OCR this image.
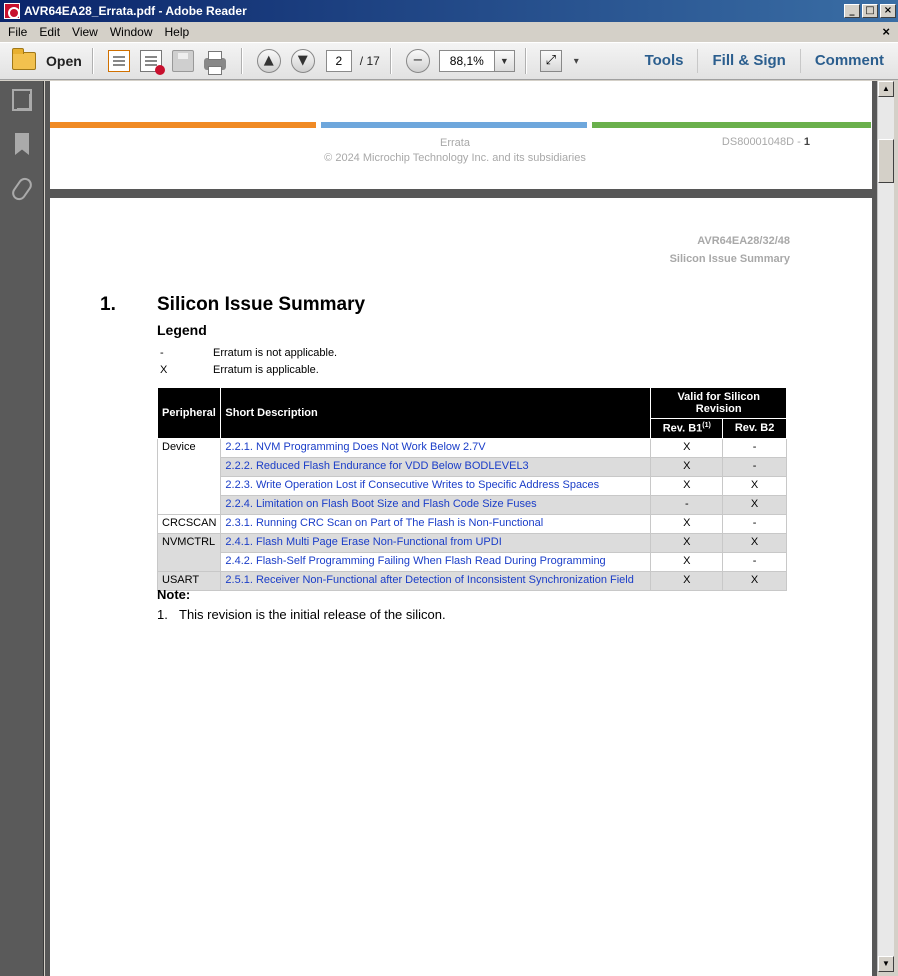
AVR64EA28_Errata.pdf - Adobe Reader	_	□ ×
File	Edit	View	Window	Help	×
Open	▲	▼	2	/ 17	−	88,1%	▼	⤢	▾	Tools	Fill & Sign	Comment
Errata
© 2024 Microchip Technology Inc. and its subsidiaries
DS80001048D - 1
AVR64EA28/32/48
Silicon Issue Summary
1. Silicon Issue Summary
Legend
-	Erratum is not applicable.
X	Erratum is applicable.
Peripheral	Short Description	Valid for Silicon Revision	
		Rev. B1$^{(1)}$	Rev. B2
Device	2.2.1. NVM Programming Does Not Work Below 2.7V	X	-
	2.2.2. Reduced Flash Endurance for VDD Below BODLEVEL3	X	-
	2.2.3. Write Operation Lost if Consecutive Writes to Specific Address Spaces	X	X
	2.2.4. Limitation on Flash Boot Size and Flash Code Size Fuses	-	X
CRCSCAN	2.3.1. Running CRC Scan on Part of The Flash is Non-Functional	X	-
NVMCTRL	2.4.1. Flash Multi Page Erase Non-Functional from UPDI	X	X
	2.4.2. Flash-Self Programming Failing When Flash Read During Programming	X	-
USART	2.5.1. Receiver Non-Functional after Detection of Inconsistent Synchronization Field	X	X
Note:
1. This revision is the initial release of the silicon.
▲
▼
